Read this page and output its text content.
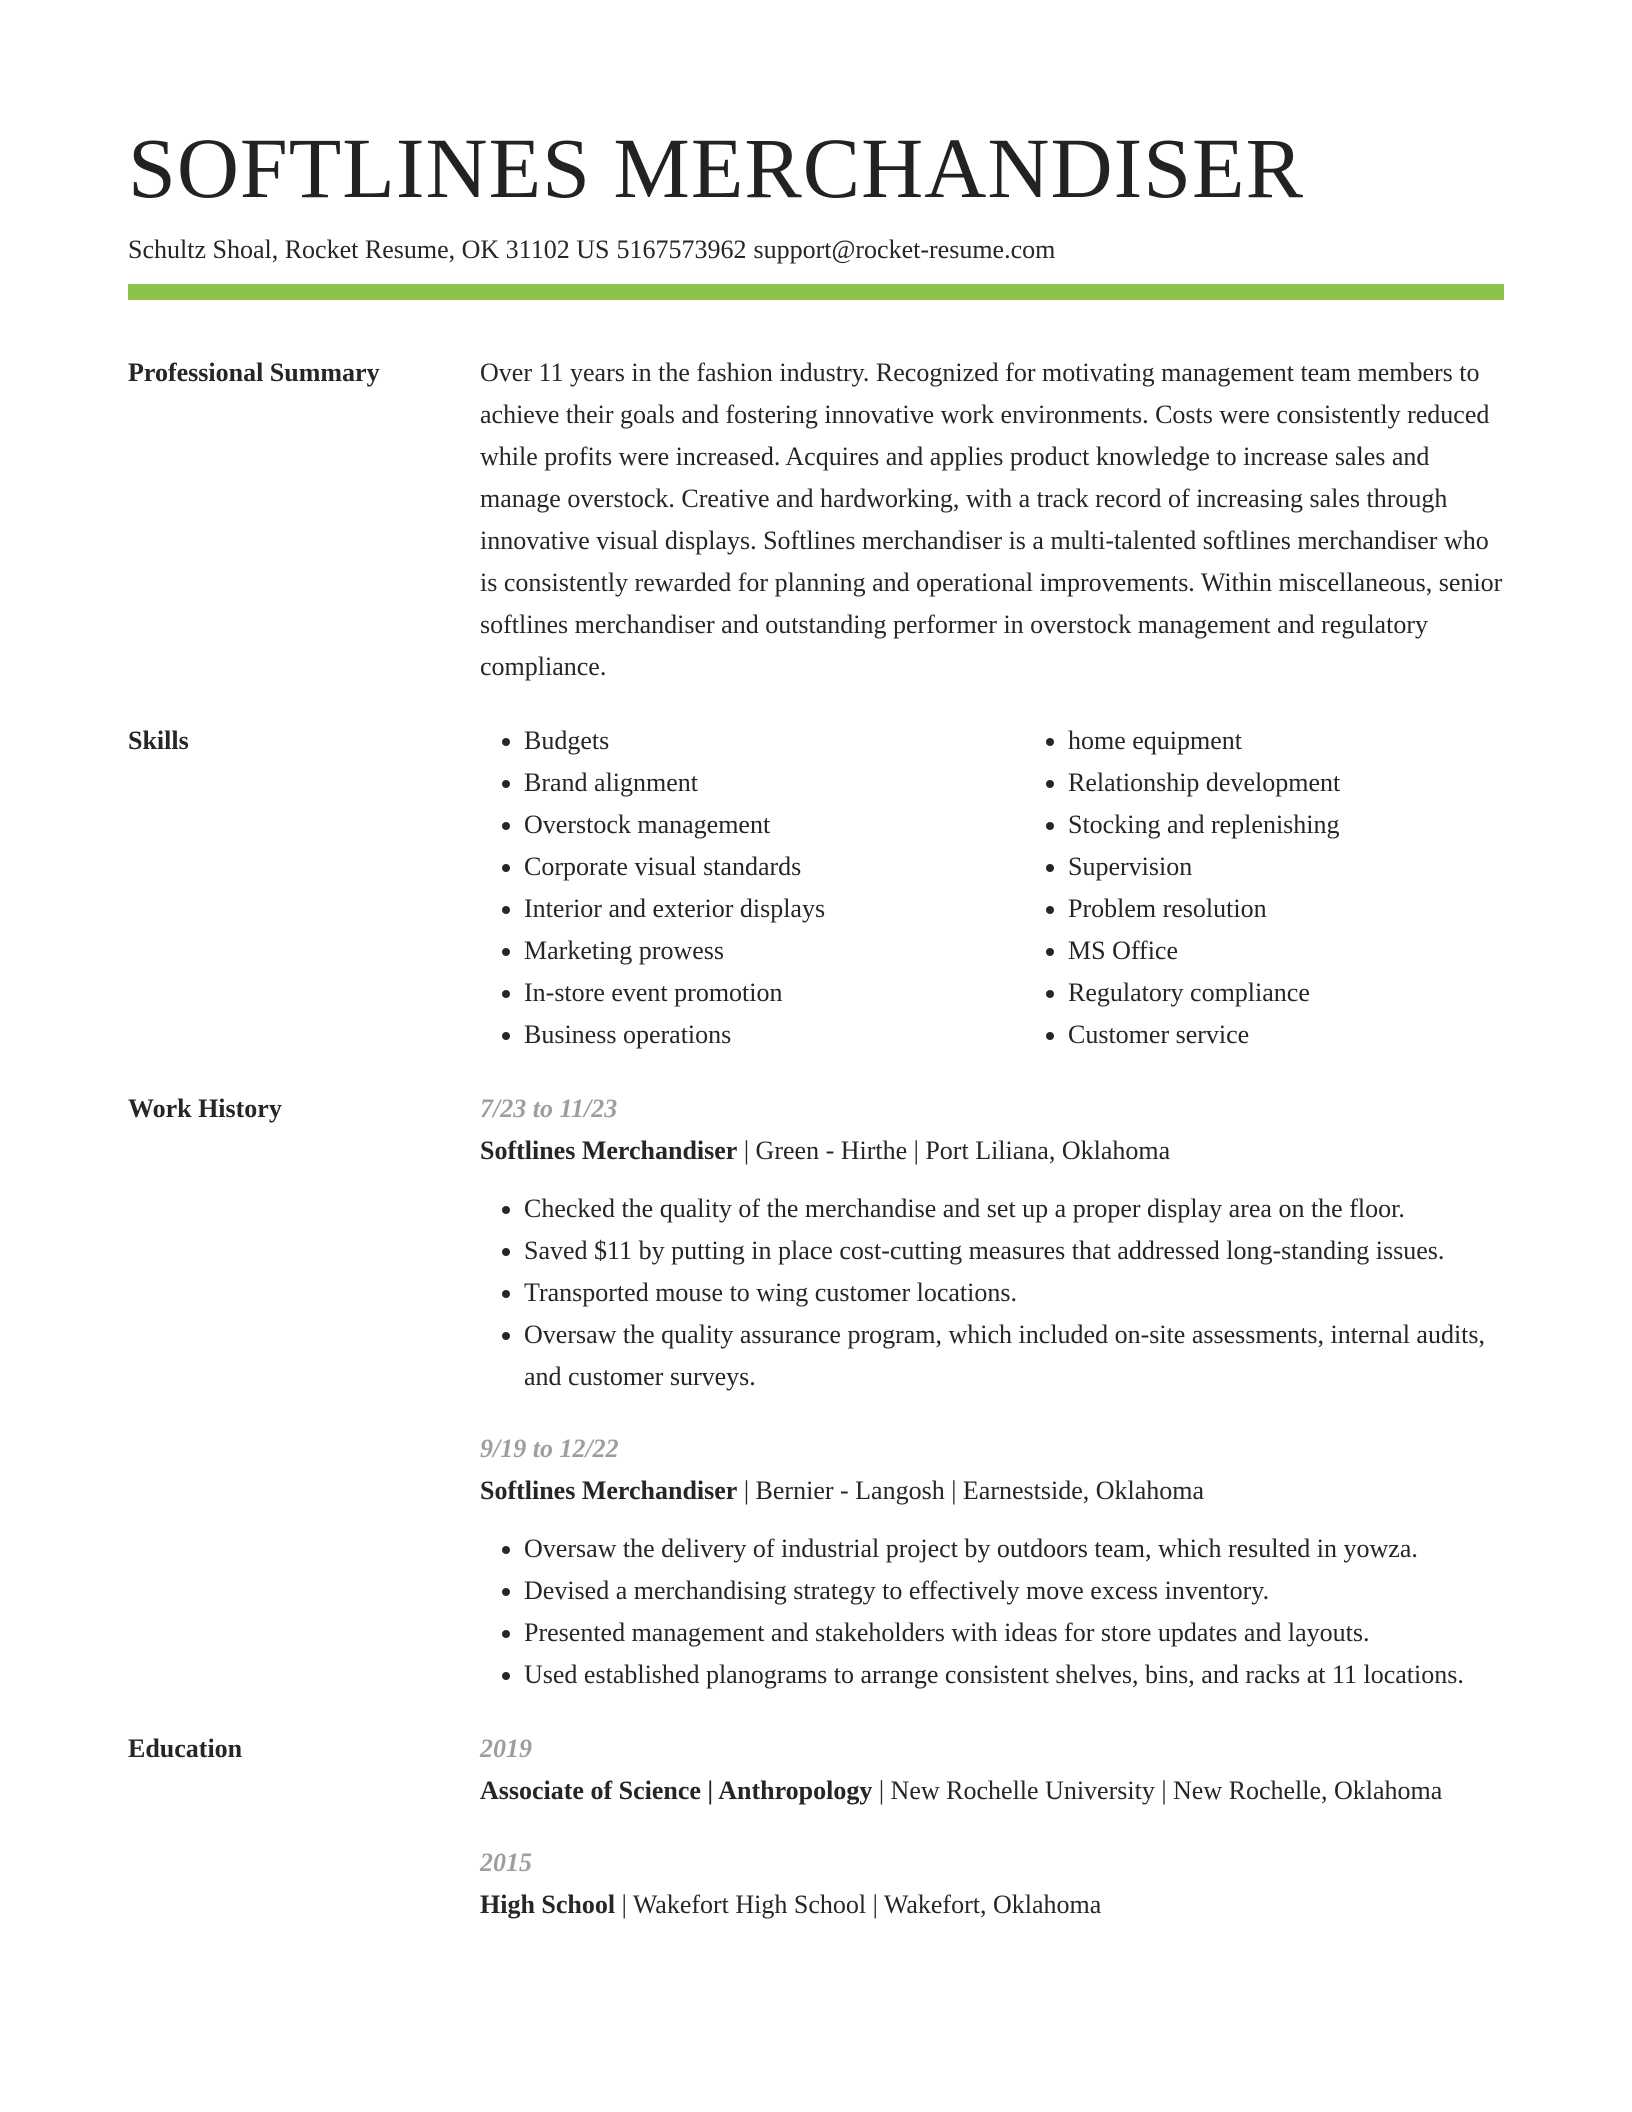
SOFTLINES MERCHANDISER
Schultz Shoal, Rocket Resume, OK 31102 US 5167573962 support@rocket-resume.com
Professional Summary	Over 11 years in the fashion industry. Recognized for motivating management team members to achieve their goals and fostering innovative work environments. Costs were consistently reduced while profits were increased. Acquires and applies product knowledge to increase sales and manage overstock. Creative and hardworking, with a track record of increasing sales through innovative visual displays. Softlines merchandiser is a multi-talented softlines merchandiser who is consistently rewarded for planning and operational improvements. Within miscellaneous, senior softlines merchandiser and outstanding performer in overstock management and regulatory compliance.
Skills
•	Budgets
• Brand alignment
• Overstock management
• Corporate visual standards
• Interior and exterior displays
• Marketing prowess
• In-store event promotion
• Business operations
• home equipment
• Relationship development
• Stocking and replenishing
• Supervision
• Problem resolution
• MS Office
• Regulatory compliance
• Customer service
Work History	7/23 to 11/23
Softlines Merchandiser | Green - Hirthe | Port Liliana, Oklahoma
• Checked the quality of the merchandise and set up a proper display area on the floor.
• Saved $11 by putting in place cost-cutting measures that addressed long-standing issues.
• Transported mouse to wing customer locations.
• Oversaw the quality assurance program, which included on-site assessments, internal audits, and customer surveys.
9/19 to 12/22
Softlines Merchandiser | Bernier - Langosh | Earnestside, Oklahoma
• Oversaw the delivery of industrial project by outdoors team, which resulted in yowza.
• Devised a merchandising strategy to effectively move excess inventory.
• Presented management and stakeholders with ideas for store updates and layouts.
• Used established planograms to arrange consistent shelves, bins, and racks at 11 locations.
Education	2019
Associate of Science | Anthropology | New Rochelle University | New Rochelle, Oklahoma
2015
High School | Wakefort High School | Wakefort, Oklahoma
